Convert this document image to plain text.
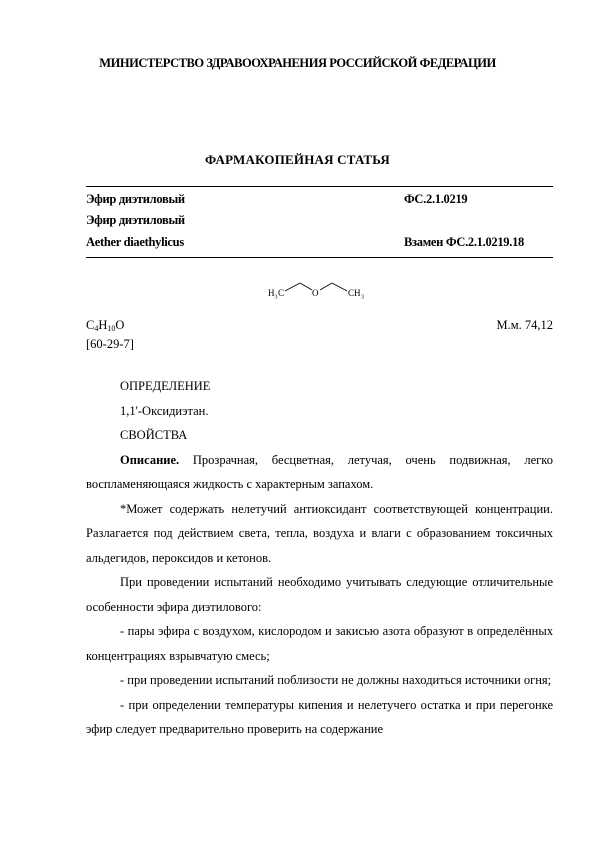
МИНИСТЕРСТВО ЗДРАВООХРАНЕНИЯ РОССИЙСКОЙ ФЕДЕРАЦИИ
ФАРМАКОПЕЙНАЯ СТАТЬЯ
Эфир диэтиловый	ФС.2.1.0219
Эфир диэтиловый
Aether diaethylicus	Взамен ФС.2.1.0219.18
H 3 C	O	CH 3
$C_4H_{10}O$	М.м. 74,12
[60-29-7]

ОПРЕДЕЛЕНИЕ

1,1'-Оксидиэтан.

СВОЙСТВА

Описание. Прозрачная, бесцветная, летучая, очень подвижная, легко воспламеняющаяся жидкость с характерным запахом.

*Может содержать нелетучий антиоксидант соответствующей концентрации. Разлагается под действием света, тепла, воздуха и влаги с образованием токсичных альдегидов, пероксидов и кетонов.

При проведении испытаний необходимо учитывать следующие отличительные особенности эфира диэтилового:

- пары эфира с воздухом, кислородом и закисью азота образуют в определённых концентрациях взрывчатую смесь;

- при проведении испытаний поблизости не должны находиться источники огня;

- при определении температуры кипения и нелетучего остатка и при перегонке эфир следует предварительно проверить на содержание
